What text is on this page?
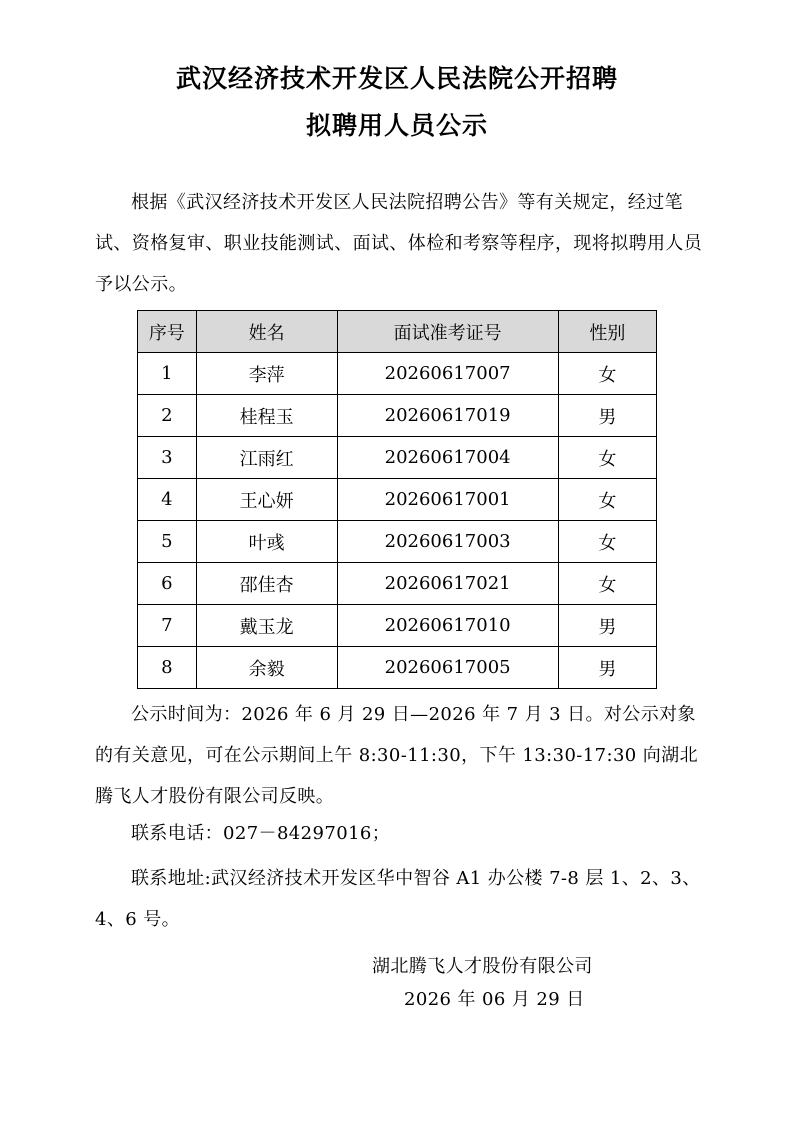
武汉经济技术开发区人民法院公开招聘
拟聘用人员公示

根据《武汉经济技术开发区人民法院招聘公告》等有关规定，经过笔试、资格复审、职业技能测试、面试、体检和考察等程序，现将拟聘用人员予以公示。

序号	姓名	面试准考证号	性别
1	李萍	20260617007	女
2	桂程玉	20260617019	男
3	江雨红	20260617004	女
4	王心妍	20260617001	女
5	叶彧	20260617003	女
6	邵佳杏	20260617021	女
7	戴玉龙	20260617010	男
8	余毅	20260617005	男

公示时间为：2026 年 6 月 29 日—2026 年 7 月 3 日。对公示对象的有关意见，可在公示期间上午 8:30-11:30，下午 13:30-17:30 向湖北腾飞人才股份有限公司反映。

联系电话：027－84297016；

联系地址:武汉经济技术开发区华中智谷 A1 办公楼 7-8 层 1、2、3、4、6 号。

湖北腾飞人才股份有限公司

2026 年 06 月 29 日
